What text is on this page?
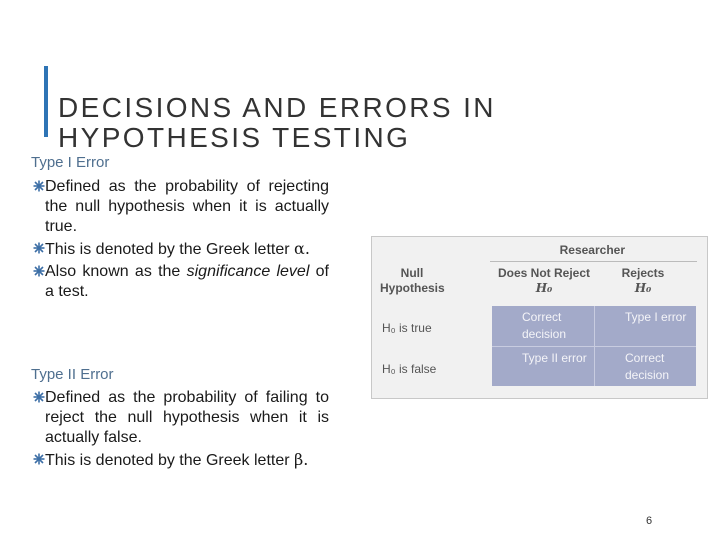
DECISIONS AND ERRORS IN
HYPOTHESIS TESTING
Type I Error
Defined as the probability of rejecting the null hypothesis when it is actually true.
This is denoted by the Greek letter α.
Also known as the significance level of a test.
Type II Error
Defined as the probability of failing to reject the null hypothesis when it is actually false.
This is denoted by the Greek letter β.
Researcher
Null Hypothesis
Does Not Reject
H₀
Rejects
H₀
H₀ is true
H₀ is false
Correct decision
Type I error
Type II error	Correct decision
6
